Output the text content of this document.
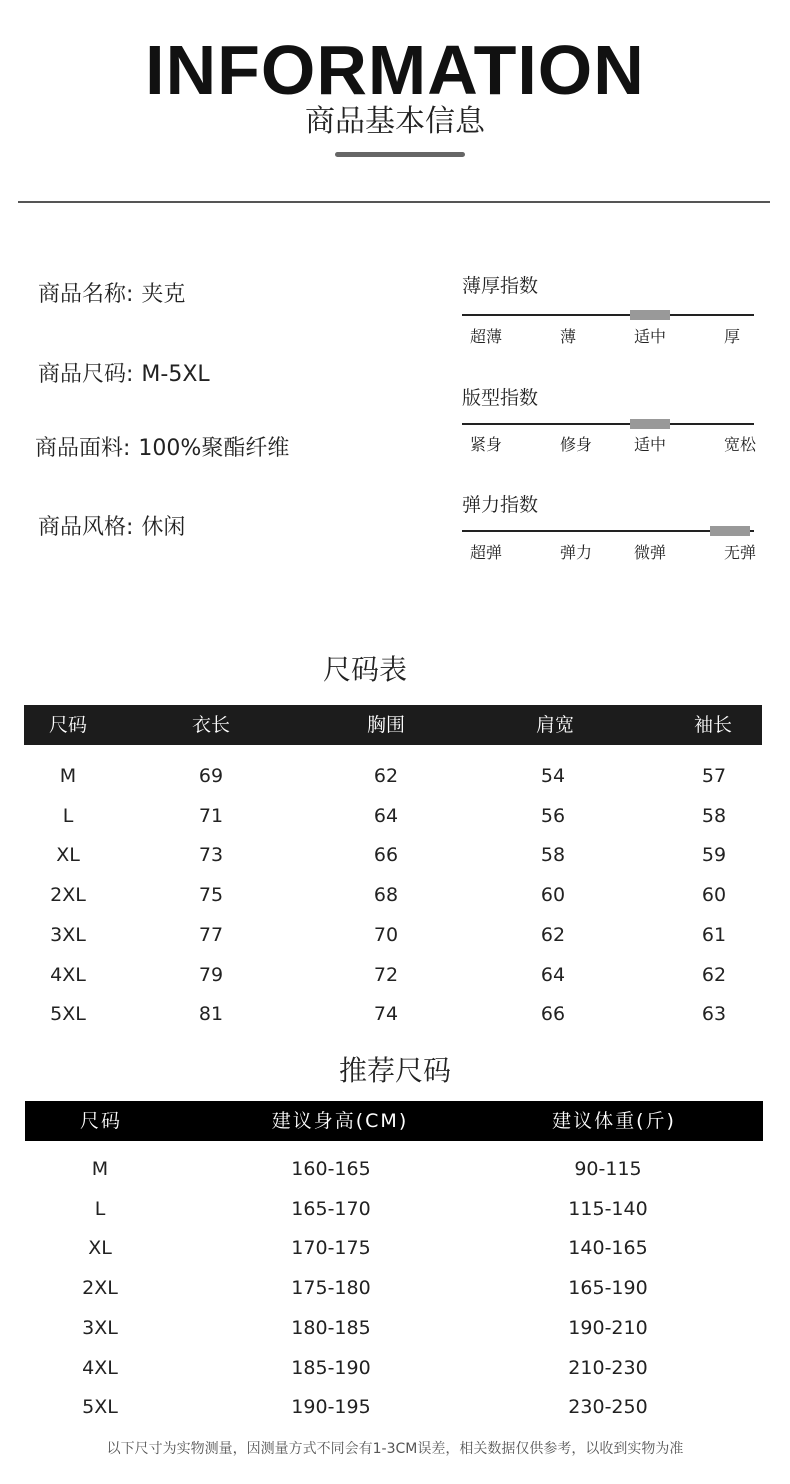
INFORMATION
商品基本信息
商品名称: 夹克
商品尺码: M-5XL
商品面料: 100%聚酯纤维
商品风格: 休闲
薄厚指数
超薄	薄	适中	厚
版型指数
紧身	修身	适中	宽松
弹力指数
超弹	弹力	微弹	无弹
尺码表
尺码	衣长	胸围	肩宽	袖长
M	69	62	54	57
L	71	64	56	58
XL	73	66	58	59
2XL	75	68	60	60
3XL	77	70	62	61
4XL	79	72	64	62
5XL	81	74	66	63
推荐尺码
尺码	建议身高(CM)	建议体重(斤)
M	160-165	90-115
L	165-170	115-140
XL	170-175	140-165
2XL	175-180	165-190
3XL	180-185	190-210
4XL	185-190	210-230
5XL	190-195	230-250
以下尺寸为实物测量，因测量方式不同会有1-3CM误差，相关数据仅供参考，以收到实物为准
